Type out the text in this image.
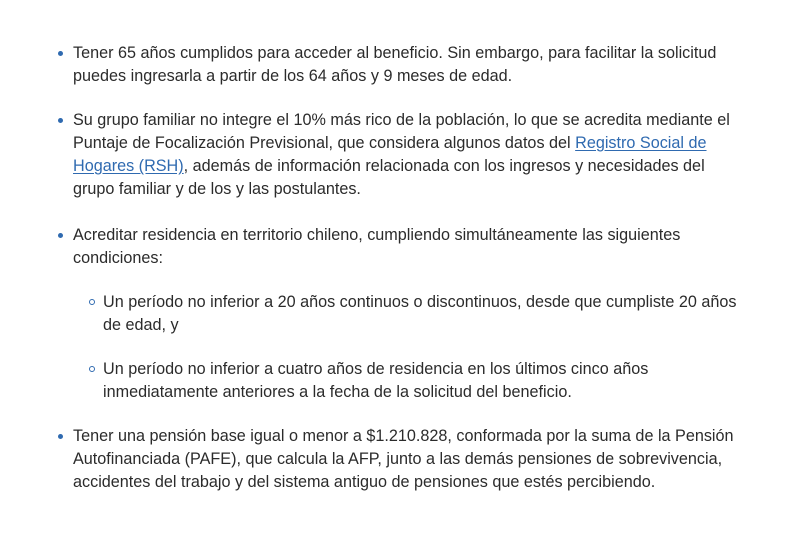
Tener 65 años cumplidos para acceder al beneficio. Sin embargo, para facilitar la solicitud
puedes ingresarla a partir de los 64 años y 9 meses de edad.
Su grupo familiar no integre el 10% más rico de la población, lo que se acredita mediante el
Puntaje de Focalización Previsional, que considera algunos datos del Registro Social de
Hogares (RSH), además de información relacionada con los ingresos y necesidades del
grupo familiar y de los y las postulantes.
Acreditar residencia en territorio chileno, cumpliendo simultáneamente las siguientes
condiciones:
Un período no inferior a 20 años continuos o discontinuos, desde que cumpliste 20 años
de edad, y
Un período no inferior a cuatro años de residencia en los últimos cinco años
inmediatamente anteriores a la fecha de la solicitud del beneficio.
Tener una pensión base igual o menor a $1.210.828, conformada por la suma de la Pensión
Autofinanciada (PAFE), que calcula la AFP, junto a las demás pensiones de sobrevivencia,
accidentes del trabajo y del sistema antiguo de pensiones que estés percibiendo.
